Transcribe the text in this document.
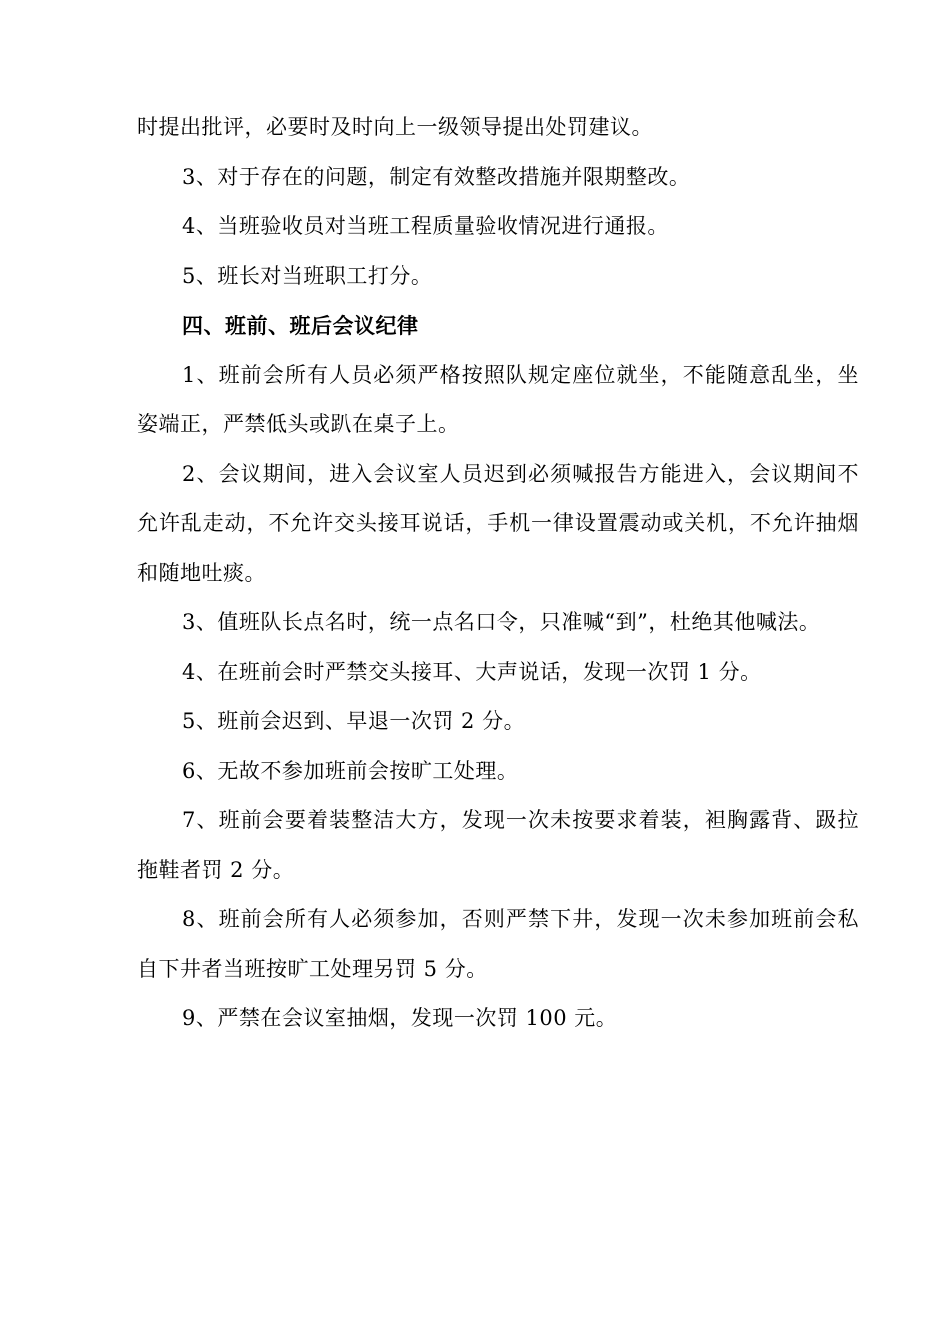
时提出批评，必要时及时向上一级领导提出处罚建议。

3、对于存在的问题，制定有效整改措施并限期整改。

4、当班验收员对当班工程质量验收情况进行通报。

5、班长对当班职工打分。

四、班前、班后会议纪律

1、班前会所有人员必须严格按照队规定座位就坐，不能随意乱坐，坐姿端正，严禁低头或趴在桌子上。

2、会议期间，进入会议室人员迟到必须喊报告方能进入，会议期间不允许乱走动，不允许交头接耳说话，手机一律设置震动或关机，不允许抽烟和随地吐痰。

3、值班队长点名时，统一点名口令，只准喊“到”，杜绝其他喊法。

4、在班前会时严禁交头接耳、大声说话，发现一次罚 1 分。

5、班前会迟到、早退一次罚 2 分。

6、无故不参加班前会按旷工处理。

7、班前会要着装整洁大方，发现一次未按要求着装，袒胸露背、趿拉拖鞋者罚 2 分。

8、班前会所有人必须参加，否则严禁下井，发现一次未参加班前会私自下井者当班按旷工处理另罚 5 分。

9、严禁在会议室抽烟，发现一次罚 100 元。
